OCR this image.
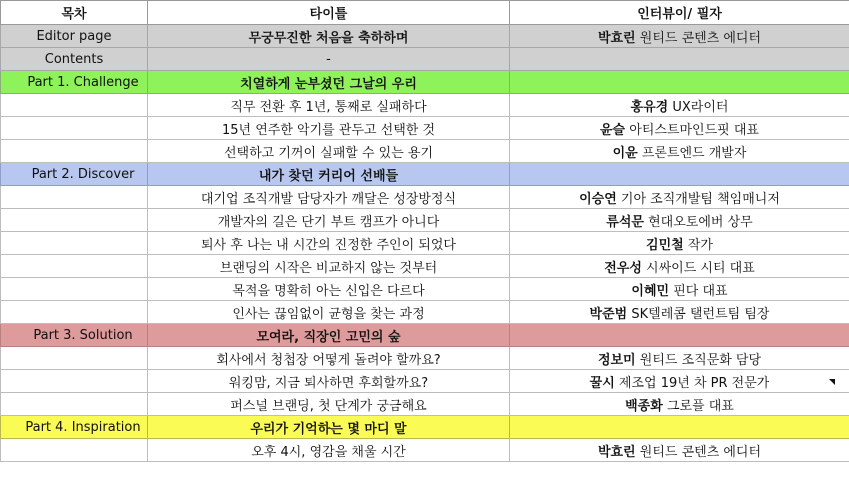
목차	타이틀	인터뷰이/ 필자
Editor page	무궁무진한 처음을 축하하며	박효린 원티드 콘텐츠 에디터
Contents	-	
Part 1. Challenge	치열하게 눈부셨던 그날의 우리	
	직무 전환 후 1년, 통째로 실패하다	홍유경 UX라이터
	15년 연주한 악기를 관두고 선택한 것	윤슬 아티스트마인드핏 대표
	선택하고 기꺼이 실패할 수 있는 용기	이윤 프론트엔드 개발자
Part 2. Discover	내가 찾던 커리어 선배들	
	대기업 조직개발 담당자가 깨달은 성장방정식	이승연 기아 조직개발팀 책임매니저
	개발자의 길은 단기 부트 캠프가 아니다	류석문 현대오토에버 상무
	퇴사 후 나는 내 시간의 진정한 주인이 되었다	김민철 작가
	브랜딩의 시작은 비교하지 않는 것부터	전우성 시싸이드 시티 대표
	목적을 명확히 아는 신입은 다르다	이혜민 핀다 대표
	인사는 끊임없이 균형을 찾는 과정	박준범 SK텔레콤 탤런트팀 팀장
Part 3. Solution	모여라, 직장인 고민의 숲	
	회사에서 청첩장 어떻게 돌려야 할까요?	정보미 원티드 조직문화 담당
	워킹맘, 지금 퇴사하면 후회할까요?	꿀시 제조업 19년 차 PR 전문가
	퍼스널 브랜딩, 첫 단계가 궁금해요	백종화 그로플 대표
Part 4. Inspiration	우리가 기억하는 몇 마디 말	
	오후 4시, 영감을 채울 시간	박효린 원티드 콘텐츠 에디터
